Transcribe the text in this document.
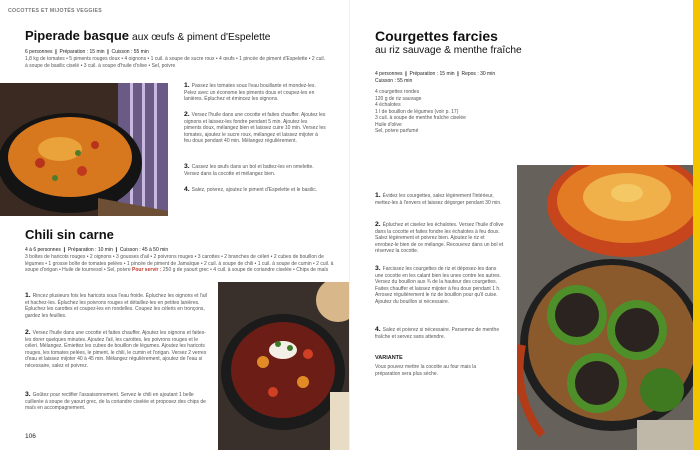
COCOTTES ET MIJOTÉS VEGGIES
Piperade basque aux œufs & piment d'Espelette
6 personnes ❙ Préparation : 15 min ❙ Cuisson : 55 min
1,8 kg de tomates • 5 piments rouges doux • 4 oignons • 1 cuil. à soupe de sucre roux • 4 œufs • 1 pincée de piment d'Espelette • 2 cuil. à soupe de basilic ciselé • 3 cuil. à soupe d'huile d'olive • Sel, poivre
1. Passez les tomates sous l'eau bouillante et mondez-les. Pelez avec un économe les piments doux et coupez-les en lanières. Épluchez et émincez les oignons.
2. Versez l'huile dans une cocotte et faites chauffer. Ajoutez les oignons et laissez-les fondre pendant 5 min. Ajoutez les piments doux, mélangez bien et laissez cuire 10 min. Versez les tomates, ajoutez le sucre roux, mélangez et laissez mijoter à feu doux pendant 40 min. Mélangez régulièrement.
3. Cassez les œufs dans un bol et battez-les en omelette. Versez dans la cocotte et mélangez bien.
4. Salez, poivrez, ajoutez le piment d'Espelette et le basilic.
Chili sin carne
4 à 6 personnes ❙ Préparation : 10 min ❙ Cuisson : 45 à 50 min
3 boîtes de haricots rouges • 2 oignons • 3 gousses d'ail • 2 poivrons rouges • 3 carottes • 2 branches de céleri • 2 cubes de bouillon de légumes • 1 grosse boîte de tomates pelées • 1 pincée de piment de Jamaïque • 2 cuil. à soupe de chili • 1 cuil. à soupe de cumin • 2 cuil. à soupe d'origan • Huile de tournesol • Sel, poivre Pour servir : 250 g de yaourt grec • 4 cuil. à soupe de coriandre ciselée • Chips de maïs
1. Rincez plusieurs fois les haricots sous l'eau froide. Épluchez les oignons et l'ail et hachez-les. Épluchez les poivrons rouges et détaillez-les en petites lanières. Épluchez les carottes et coupez-les en rondelles. Coupez les céleris en tronçons, gardez les feuilles.
2. Versez l'huile dans une cocotte et faites chauffer. Ajoutez les oignons et faites-les dorer quelques minutes. Ajoutez l'ail, les carottes, les poivrons rouges et le céleri. Mélangez. Émiettez les cubes de bouillon de légumes. Ajoutez les haricots rouges, les tomates pelées, le piment, le chili, le cumin et l'origan. Versez 2 verres d'eau et laissez mijoter 40 à 45 min. Mélangez régulièrement, ajoutez de l'eau si nécessaire, salez et poivrez.
3. Goûtez pour rectifier l'assaisonnement. Servez le chili en ajoutant 1 belle cuillerée à soupe de yaourt grec, de la coriandre ciselée et proposez des chips de maïs en accompagnement.
106
Courgettes farcies
au riz sauvage & menthe fraîche
4 personnes ❙ Préparation : 15 min ❙ Repos : 30 min
Cuisson : 55 min
4 courgettes rondes
120 g de riz sauvage
4 échalotes
1 l de bouillon de légumes (voir p. 17)
3 cuil. à soupe de menthe fraîche ciselée
Huile d'olive
Sel, poivre parfumé
1. Évidez les courgettes, salez légèrement l'intérieur, mettez-les à l'envers et laissez dégorger pendant 30 min.
2. Épluchez et ciselez les échalotes. Versez l'huile d'olive dans la cocotte et faites fondre les échalotes à feu doux. Salez légèrement et poivrez bien. Ajoutez le riz et enrobez-le bien de ce mélange. Recouvrez dans un bol et réservez la cocotte.
3. Farcissez les courgettes de riz et déposez-les dans une cocotte en les calant bien les unes contre les autres. Versez du bouillon aux ¾ de la hauteur des courgettes. Faites chauffer et laissez mijoter à feu doux pendant 1 h. Arrosez régulièrement le riz de bouillon pour qu'il cuise. Ajoutez du bouillon si nécessaire.
4. Salez et poivrez si nécessaire. Parsemez de menthe fraîche et servez sans attendre.
VARIANTE
Vous pouvez mettre la cocotte au four mais la préparation sera plus sèche.
